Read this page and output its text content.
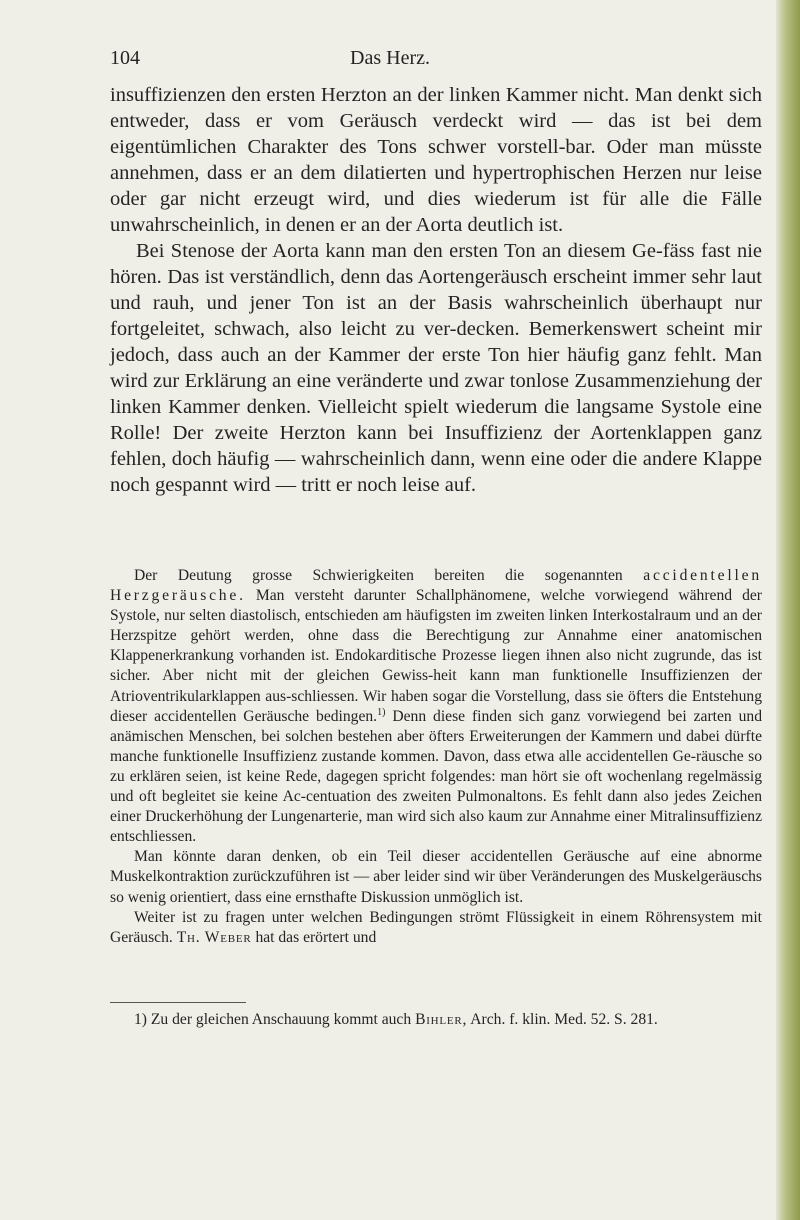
104	Das Herz.

insuffizienzen den ersten Herzton an der linken Kammer nicht. Man denkt sich entweder, dass er vom Geräusch verdeckt wird — das ist bei dem eigentümlichen Charakter des Tons schwer vorstell-bar. Oder man müsste annehmen, dass er an dem dilatierten und hypertrophischen Herzen nur leise oder gar nicht erzeugt wird, und dies wiederum ist für alle die Fälle unwahrscheinlich, in denen er an der Aorta deutlich ist.

Bei Stenose der Aorta kann man den ersten Ton an diesem Ge-fäss fast nie hören. Das ist verständlich, denn das Aortengeräusch erscheint immer sehr laut und rauh, und jener Ton ist an der Basis wahrscheinlich überhaupt nur fortgeleitet, schwach, also leicht zu ver-decken. Bemerkenswert scheint mir jedoch, dass auch an der Kammer der erste Ton hier häufig ganz fehlt. Man wird zur Erklärung an eine veränderte und zwar tonlose Zusammenziehung der linken Kammer denken. Vielleicht spielt wiederum die langsame Systole eine Rolle! Der zweite Herzton kann bei Insuffizienz der Aortenklappen ganz fehlen, doch häufig — wahrscheinlich dann, wenn eine oder die andere Klappe noch gespannt wird — tritt er noch leise auf.

Der Deutung grosse Schwierigkeiten bereiten die sogenannten accidentellen Herzgeräusche. Man versteht darunter Schallphänomene, welche vorwiegend während der Systole, nur selten diastolisch, entschieden am häufigsten im zweiten linken Interkostalraum und an der Herzspitze gehört werden, ohne dass die Berechtigung zur Annahme einer anatomischen Klappenerkrankung vorhanden ist. Endokarditische Prozesse liegen ihnen also nicht zugrunde, das ist sicher. Aber nicht mit der gleichen Gewiss-heit kann man funktionelle Insuffizienzen der Atrioventrikularklappen aus-schliessen. Wir haben sogar die Vorstellung, dass sie öfters die Entstehung dieser accidentellen Geräusche bedingen.$^{1)}$ Denn diese finden sich ganz vorwiegend bei zarten und anämischen Menschen, bei solchen bestehen aber öfters Erweiterungen der Kammern und dabei dürfte manche funktionelle Insuffizienz zustande kommen. Davon, dass etwa alle accidentellen Ge-räusche so zu erklären seien, ist keine Rede, dagegen spricht folgendes: man hört sie oft wochenlang regelmässig und oft begleitet sie keine Ac-centuation des zweiten Pulmonaltons. Es fehlt dann also jedes Zeichen einer Druckerhöhung der Lungenarterie, man wird sich also kaum zur Annahme einer Mitralinsuffizienz entschliessen.

Man könnte daran denken, ob ein Teil dieser accidentellen Geräusche auf eine abnorme Muskelkontraktion zurückzuführen ist — aber leider sind wir über Veränderungen des Muskelgeräuschs so wenig orientiert, dass eine ernsthafte Diskussion unmöglich ist.

Weiter ist zu fragen unter welchen Bedingungen strömt Flüssigkeit in einem Röhrensystem mit Geräusch. Th. Weber hat das erörtert und

1) Zu der gleichen Anschauung kommt auch Bihler, Arch. f. klin. Med. 52. S. 281.
